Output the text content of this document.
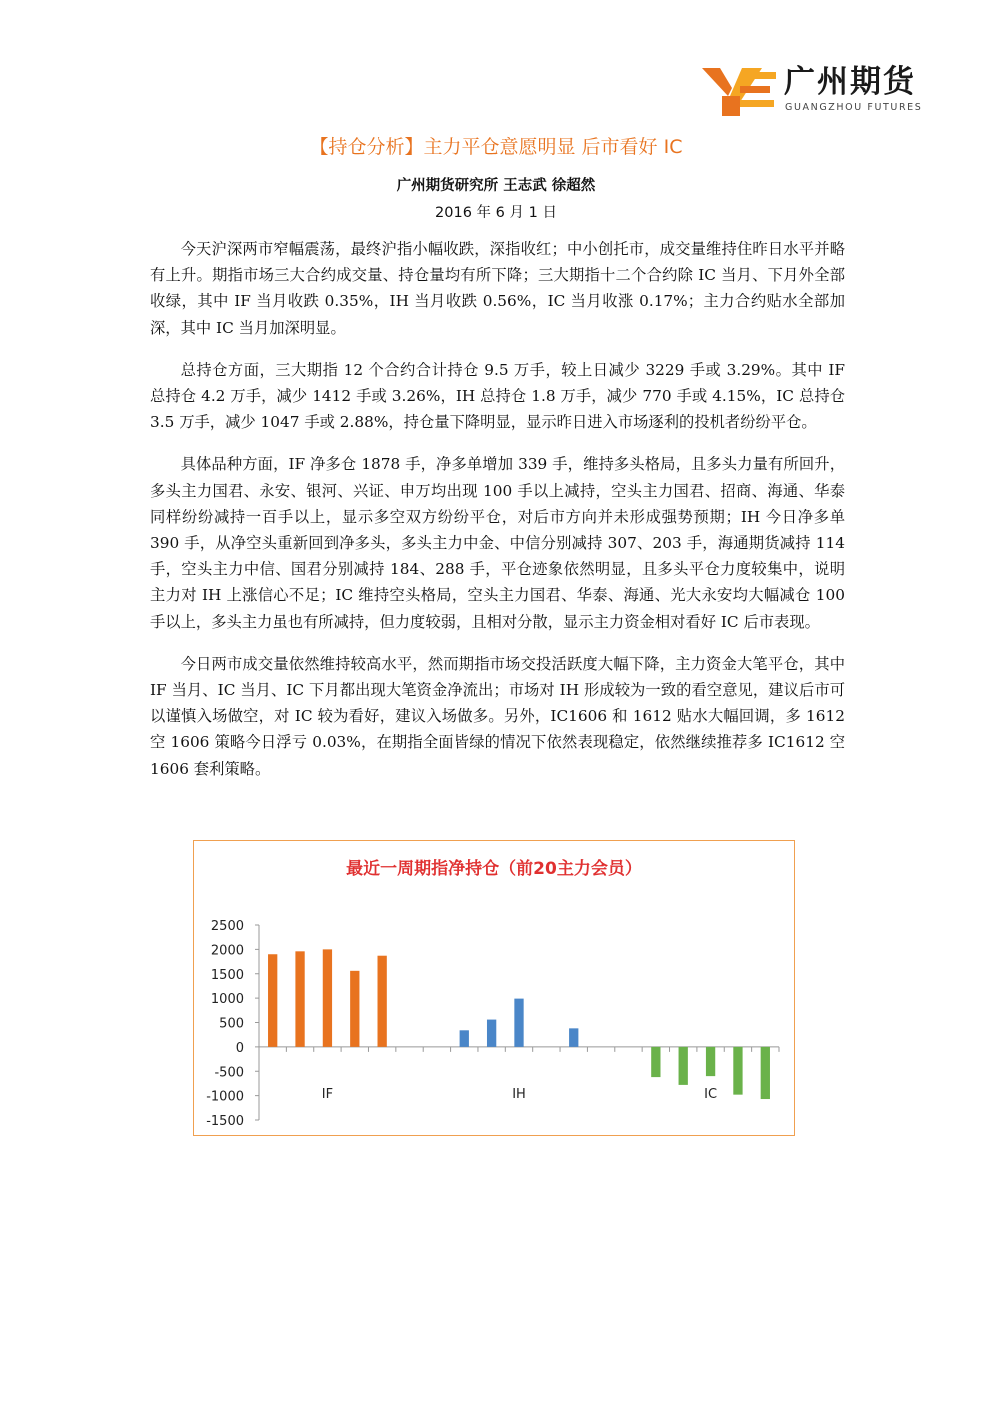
广州期货
GUANGZHOU FUTURES
【持仓分析】主力平仓意愿明显 后市看好 IC
广州期货研究所 王志武 徐超然
2016 年 6 月 1 日

今天沪深两市窄幅震荡，最终沪指小幅收跌，深指收红；中小创托市，成交量维持住昨日水平并略有上升。期指市场三大合约成交量、持仓量均有所下降；三大期指十二个合约除 IC 当月、下月外全部收绿，其中 IF 当月收跌 0.35%，IH 当月收跌 0.56%，IC 当月收涨 0.17%；主力合约贴水全部加深，其中 IC 当月加深明显。

总持仓方面，三大期指 12 个合约合计持仓 9.5 万手，较上日减少 3229 手或 3.29%。其中 IF 总持仓 4.2 万手，减少 1412 手或 3.26%，IH 总持仓 1.8 万手，减少 770 手或 4.15%，IC 总持仓 3.5 万手，减少 1047 手或 2.88%，持仓量下降明显，显示昨日进入市场逐利的投机者纷纷平仓。

具体品种方面，IF 净多仓 1878 手，净多单增加 339 手，维持多头格局，且多头力量有所回升，多头主力国君、永安、银河、兴证、申万均出现 100 手以上减持，空头主力国君、招商、海通、华泰同样纷纷减持一百手以上，显示多空双方纷纷平仓，对后市方向并未形成强势预期；IH 今日净多单 390 手，从净空头重新回到净多头，多头主力中金、中信分别减持 307、203 手，海通期货减持 114 手，空头主力中信、国君分别减持 184、288 手，平仓迹象依然明显，且多头平仓力度较集中，说明主力对 IH 上涨信心不足；IC 维持空头格局，空头主力国君、华泰、海通、光大永安均大幅减仓 100 手以上，多头主力虽也有所减持，但力度较弱，且相对分散，显示主力资金相对看好 IC 后市表现。

今日两市成交量依然维持较高水平，然而期指市场交投活跃度大幅下降，主力资金大笔平仓，其中 IF 当月、IC 当月、IC 下月都出现大笔资金净流出；市场对 IH 形成较为一致的看空意见，建议后市可以谨慎入场做空，对 IC 较为看好，建议入场做多。另外，IC1606 和 1612 贴水大幅回调，多 1612 空 1606 策略今日浮亏 0.03%，在期指全面皆绿的情况下依然表现稳定，依然继续推荐多 IC1612 空 1606 套利策略。

最近一周期指净持仓（前20主力会员）
2500
2000
1500
1000
500
0
-500
-1000
-1500
IF	IH	IC
